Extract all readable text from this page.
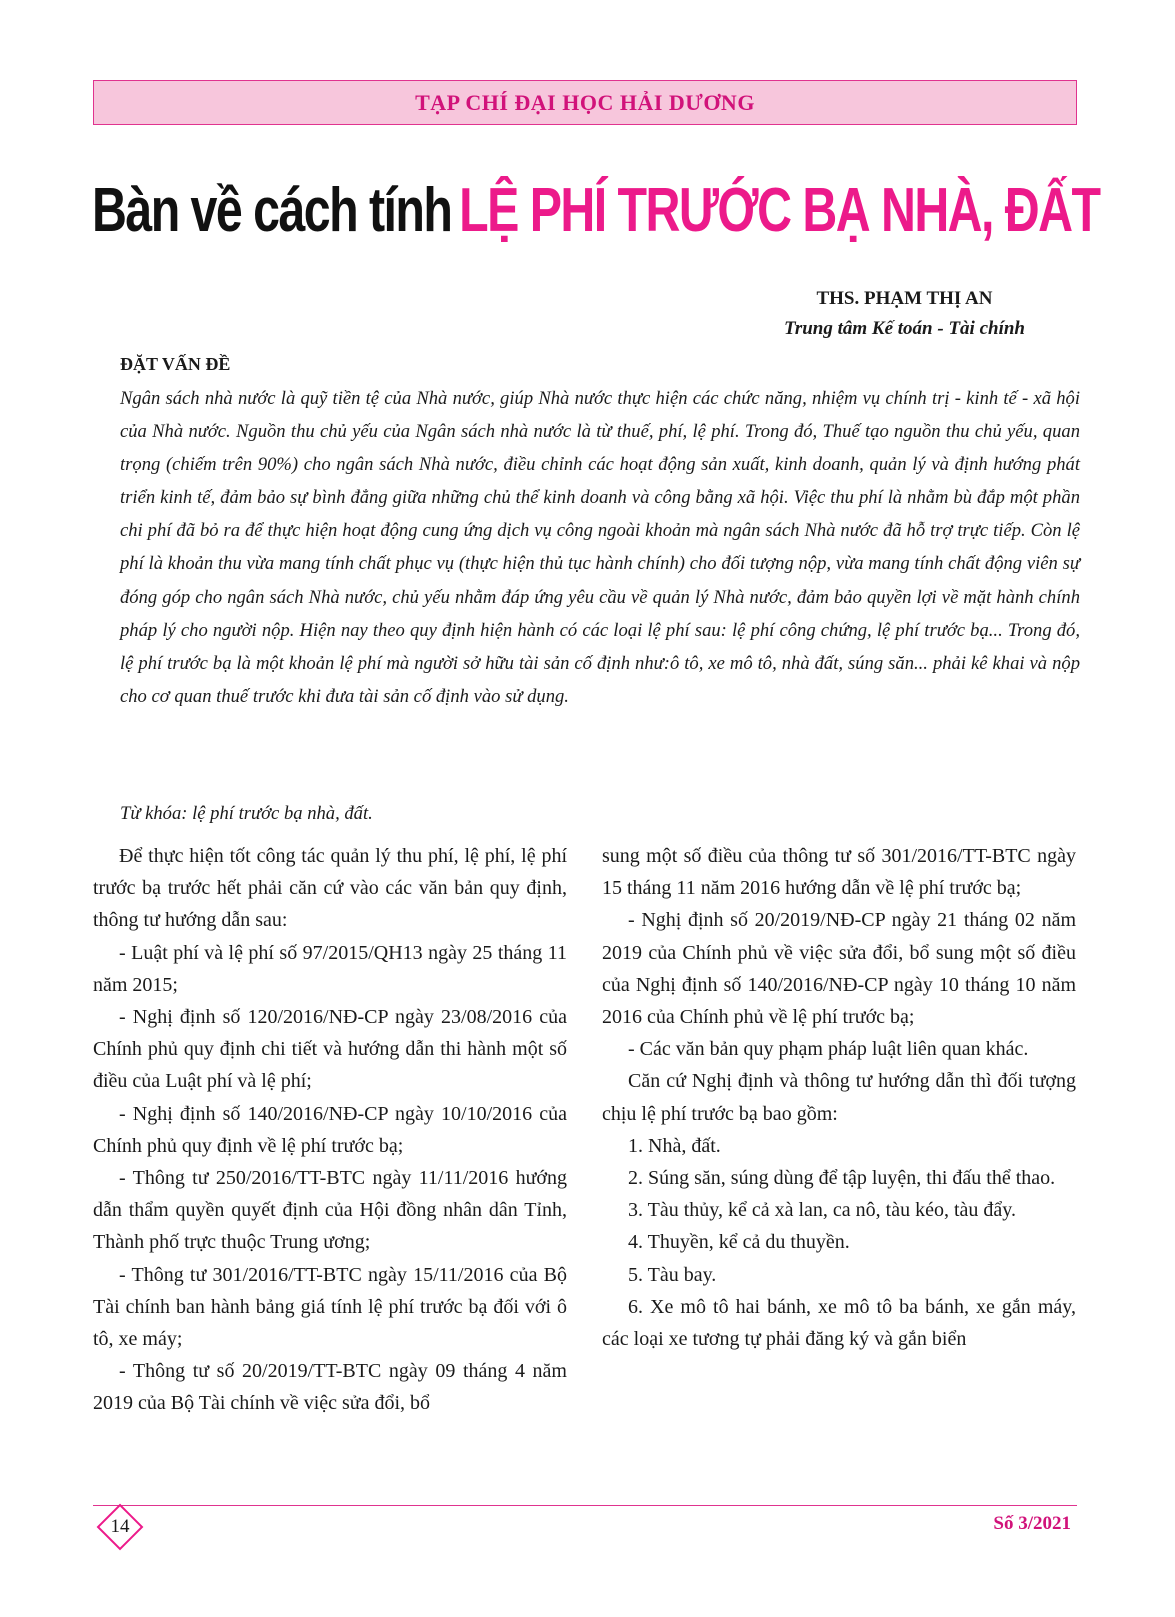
TẠP CHÍ ĐẠI HỌC HẢI DƯƠNG
Bàn về cách tính LỆ PHÍ TRƯỚC BẠ NHÀ, ĐẤT
THS. PHẠM THỊ AN
Trung tâm Kế toán - Tài chính
ĐẶT VẤN ĐỀ

Ngân sách nhà nước là quỹ tiền tệ của Nhà nước, giúp Nhà nước thực hiện các chức năng, nhiệm vụ chính trị - kinh tế - xã hội của Nhà nước. Nguồn thu chủ yếu của Ngân sách nhà nước là từ thuế, phí, lệ phí. Trong đó, Thuế tạo nguồn thu chủ yếu, quan trọng (chiếm trên 90%) cho ngân sách Nhà nước, điều chỉnh các hoạt động sản xuất, kinh doanh, quản lý và định hướng phát triển kinh tế, đảm bảo sự bình đẳng giữa những chủ thể kinh doanh và công bằng xã hội. Việc thu phí là nhằm bù đắp một phần chi phí đã bỏ ra để thực hiện hoạt động cung ứng dịch vụ công ngoài khoản mà ngân sách Nhà nước đã hỗ trợ trực tiếp. Còn lệ phí là khoản thu vừa mang tính chất phục vụ (thực hiện thủ tục hành chính) cho đối tượng nộp, vừa mang tính chất động viên sự đóng góp cho ngân sách Nhà nước, chủ yếu nhằm đáp ứng yêu cầu về quản lý Nhà nước, đảm bảo quyền lợi về mặt hành chính pháp lý cho người nộp. Hiện nay theo quy định hiện hành có các loại lệ phí sau: lệ phí công chứng, lệ phí trước bạ... Trong đó, lệ phí trước bạ là một khoản lệ phí mà người sở hữu tài sản cố định như:ô tô, xe mô tô, nhà đất, súng săn... phải kê khai và nộp cho cơ quan thuế trước khi đưa tài sản cố định vào sử dụng.

Từ khóa: lệ phí trước bạ nhà, đất.

Để thực hiện tốt công tác quản lý thu phí, lệ phí, lệ phí trước bạ trước hết phải căn cứ vào các văn bản quy định, thông tư hướng dẫn sau:

- Luật phí và lệ phí số 97/2015/QH13 ngày 25 tháng 11 năm 2015;

- Nghị định số 120/2016/NĐ-CP ngày 23/08/2016 của Chính phủ quy định chi tiết và hướng dẫn thi hành một số điều của Luật phí và lệ phí;

- Nghị định số 140/2016/NĐ-CP ngày 10/10/2016 của Chính phủ quy định về lệ phí trước bạ;

- Thông tư 250/2016/TT-BTC ngày 11/11/2016 hướng dẫn thẩm quyền quyết định của Hội đồng nhân dân Tỉnh, Thành phố trực thuộc Trung ương;

- Thông tư 301/2016/TT-BTC ngày 15/11/2016 của Bộ Tài chính ban hành bảng giá tính lệ phí trước bạ đối với ô tô, xe máy;

- Thông tư số 20/2019/TT-BTC ngày 09 tháng 4 năm 2019 của Bộ Tài chính về việc sửa đổi, bổ

sung một số điều của thông tư số 301/2016/TT-BTC ngày 15 tháng 11 năm 2016 hướng dẫn về lệ phí trước bạ;

- Nghị định số 20/2019/NĐ-CP ngày 21 tháng 02 năm 2019 của Chính phủ về việc sửa đổi, bổ sung một số điều của Nghị định số 140/2016/NĐ-CP ngày 10 tháng 10 năm 2016 của Chính phủ về lệ phí trước bạ;

- Các văn bản quy phạm pháp luật liên quan khác.

Căn cứ Nghị định và thông tư hướng dẫn thì đối tượng chịu lệ phí trước bạ bao gồm:

1. Nhà, đất.

2. Súng săn, súng dùng để tập luyện, thi đấu thể thao.

3. Tàu thủy, kể cả xà lan, ca nô, tàu kéo, tàu đẩy.

4. Thuyền, kể cả du thuyền.

5. Tàu bay.

6. Xe mô tô hai bánh, xe mô tô ba bánh, xe gắn máy, các loại xe tương tự phải đăng ký và gắn biển

14	Số 3/2021
